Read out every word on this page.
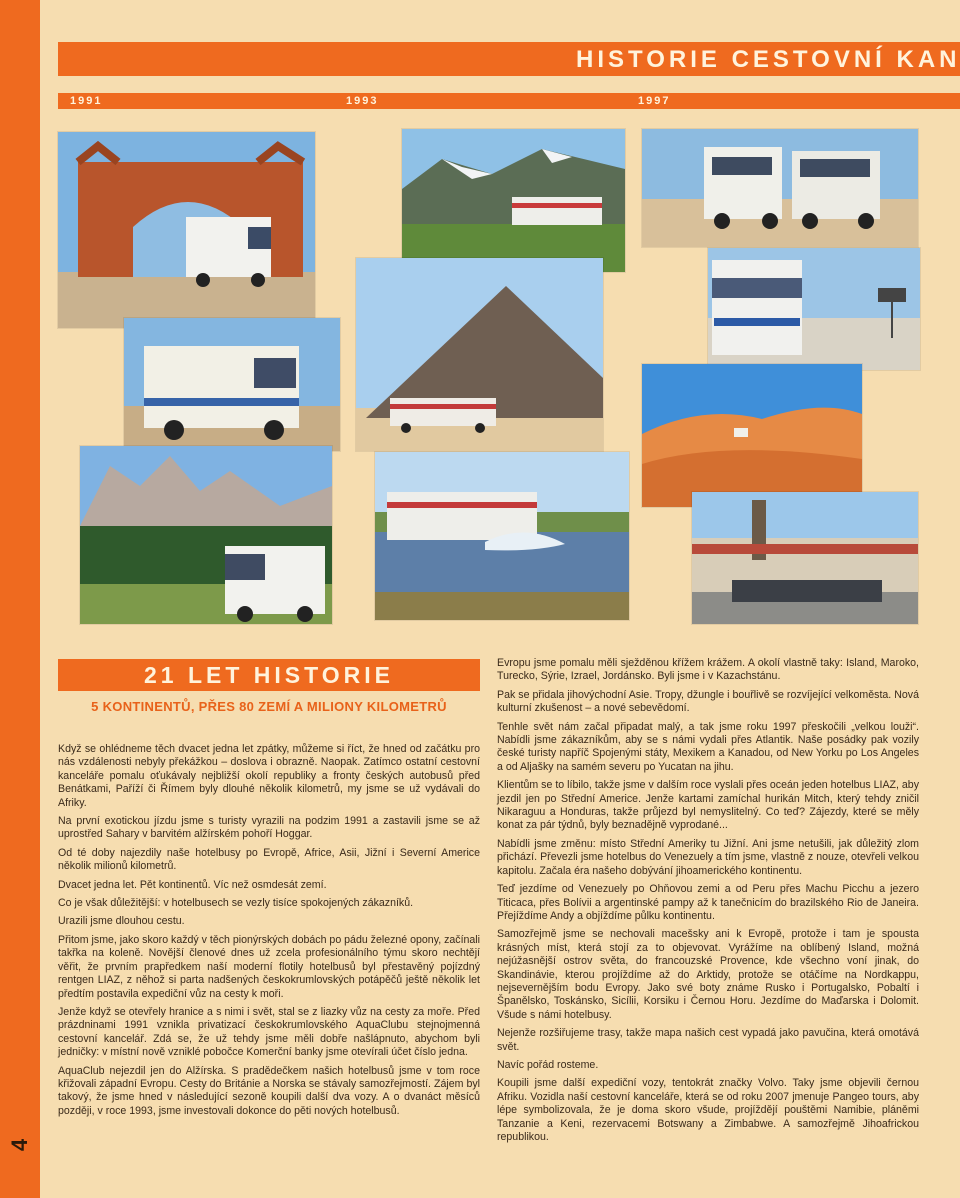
4
HISTORIE CESTOVNÍ KAN
1991	1993	1997
21 LET HISTORIE
5 KONTINENTŮ, PŘES 80 ZEMÍ A MILIONY KILOMETRŮ

Když se ohlédneme těch dvacet jedna let zpátky, můžeme si říct, že hned od začátku pro nás vzdálenosti nebyly překážkou – doslova i obrazně. Naopak. Zatímco ostatní cestovní kanceláře pomalu oťukávaly nejbližší okolí republiky a fronty českých autobusů před Benátkami, Paříží či Římem byly dlouhé několik kilometrů, my jsme se už vydávali do Afriky.

Na první exotickou jízdu jsme s turisty vyrazili na podzim 1991 a zastavili jsme se až uprostřed Sahary v barvitém alžírském pohoří Hoggar.

Od té doby najezdily naše hotelbusy po Evropě, Africe, Asii, Jižní i Severní Americe několik milionů kilometrů.

Dvacet jedna let. Pět kontinentů. Víc než osmdesát zemí.

Co je však důležitější: v hotelbusech se vezly tisíce spokojených zákazníků.

Urazili jsme dlouhou cestu.

Přitom jsme, jako skoro každý v těch pionýrských dobách po pádu železné opony, začínali takřka na koleně. Novější členové dnes už zcela profesionálního týmu skoro nechtějí věřit, že prvním prapředkem naší moderní flotily hotelbusů byl přestavěný pojízdný rentgen LIAZ, z něhož si parta nadšených českokrumlovských potápěčů ještě několik let předtím postavila expediční vůz na cesty k moři.

Jenže když se otevřely hranice a s nimi i svět, stal se z liazky vůz na cesty za moře. Před prázdninami 1991 vznikla privatizací českokrumlovského AquaClubu stejnojmenná cestovní kancelář. Zdá se, že už tehdy jsme měli dobře našlápnuto, abychom byli jedničky: v místní nově vzniklé pobočce Komerční banky jsme otevírali účet číslo jedna.

AquaClub nejezdil jen do Alžírska. S pradědečkem našich hotelbusů jsme v tom roce křižovali západní Evropu. Cesty do Británie a Norska se stávaly samozřejmostí. Zájem byl takový, že jsme hned v následující sezoně koupili další dva vozy. A o dvanáct měsíců později, v roce 1993, jsme investovali dokonce do pěti nových hotelbusů.

Evropu jsme pomalu měli sježděnou křížem krážem. A okolí vlastně taky: Island, Maroko, Turecko, Sýrie, Izrael, Jordánsko. Byli jsme i v Kazachstánu.

Pak se přidala jihovýchodní Asie. Tropy, džungle i bouřlivě se rozvíjející velkoměsta. Nová kulturní zkušenost – a nové sebevědomí.

Tenhle svět nám začal připadat malý, a tak jsme roku 1997 přeskočili „velkou louži“. Nabídli jsme zákazníkům, aby se s námi vydali přes Atlantik. Naše posádky pak vozily české turisty napříč Spojenými státy, Mexikem a Kanadou, od New Yorku po Los Angeles a od Aljašky na samém severu po Yucatan na jihu.

Klientům se to líbilo, takže jsme v dalším roce vyslali přes oceán jeden hotelbus LIAZ, aby jezdil jen po Střední Americe. Jenže kartami zamíchal hurikán Mitch, který tehdy zničil Nikaraguu a Honduras, takže průjezd byl nemyslitelný. Co teď? Zájezdy, které se měly konat za pár týdnů, byly beznadějně vyprodané...

Nabídli jsme změnu: místo Střední Ameriky tu Jižní. Ani jsme netušili, jak důležitý zlom přichází. Převezli jsme hotelbus do Venezuely a tím jsme, vlastně z nouze, otevřeli velkou kapitolu. Začala éra našeho dobývání jihoamerického kontinentu.

Teď jezdíme od Venezuely po Ohňovou zemi a od Peru přes Machu Picchu a jezero Titicaca, přes Bolívii a argentinské pampy až k tanečnicím do brazilského Rio de Janeira. Přejíždíme Andy a objíždíme půlku kontinentu.

Samozřejmě jsme se nechovali macešsky ani k Evropě, protože i tam je spousta krásných míst, která stojí za to objevovat. Vyrážíme na oblíbený Island, možná nejúžasnější ostrov světa, do francouzské Provence, kde všechno voní jinak, do Skandinávie, kterou projíždíme až do Arktidy, protože se otáčíme na Nordkappu, nejsevernějším bodu Evropy. Jako své boty známe Rusko i Portugalsko, Pobaltí i Španělsko, Toskánsko, Sicílii, Korsiku i Černou Horu. Jezdíme do Maďarska i Dolomit. Všude s námi hotelbusy.

Nejenže rozšiřujeme trasy, takže mapa našich cest vypadá jako pavučina, která omotává svět.

Navíc pořád rosteme.

Koupili jsme další expediční vozy, tentokrát značky Volvo. Taky jsme objevili černou Afriku. Vozidla naší cestovní kanceláře, která se od roku 2007 jmenuje Pangeo tours, aby lépe symbolizovala, že je doma skoro všude, projíždějí pouštěmi Namibie, pláněmi Tanzanie a Keni, rezervacemi Botswany a Zimbabwe. A samozřejmě Jihoafrickou republikou.
